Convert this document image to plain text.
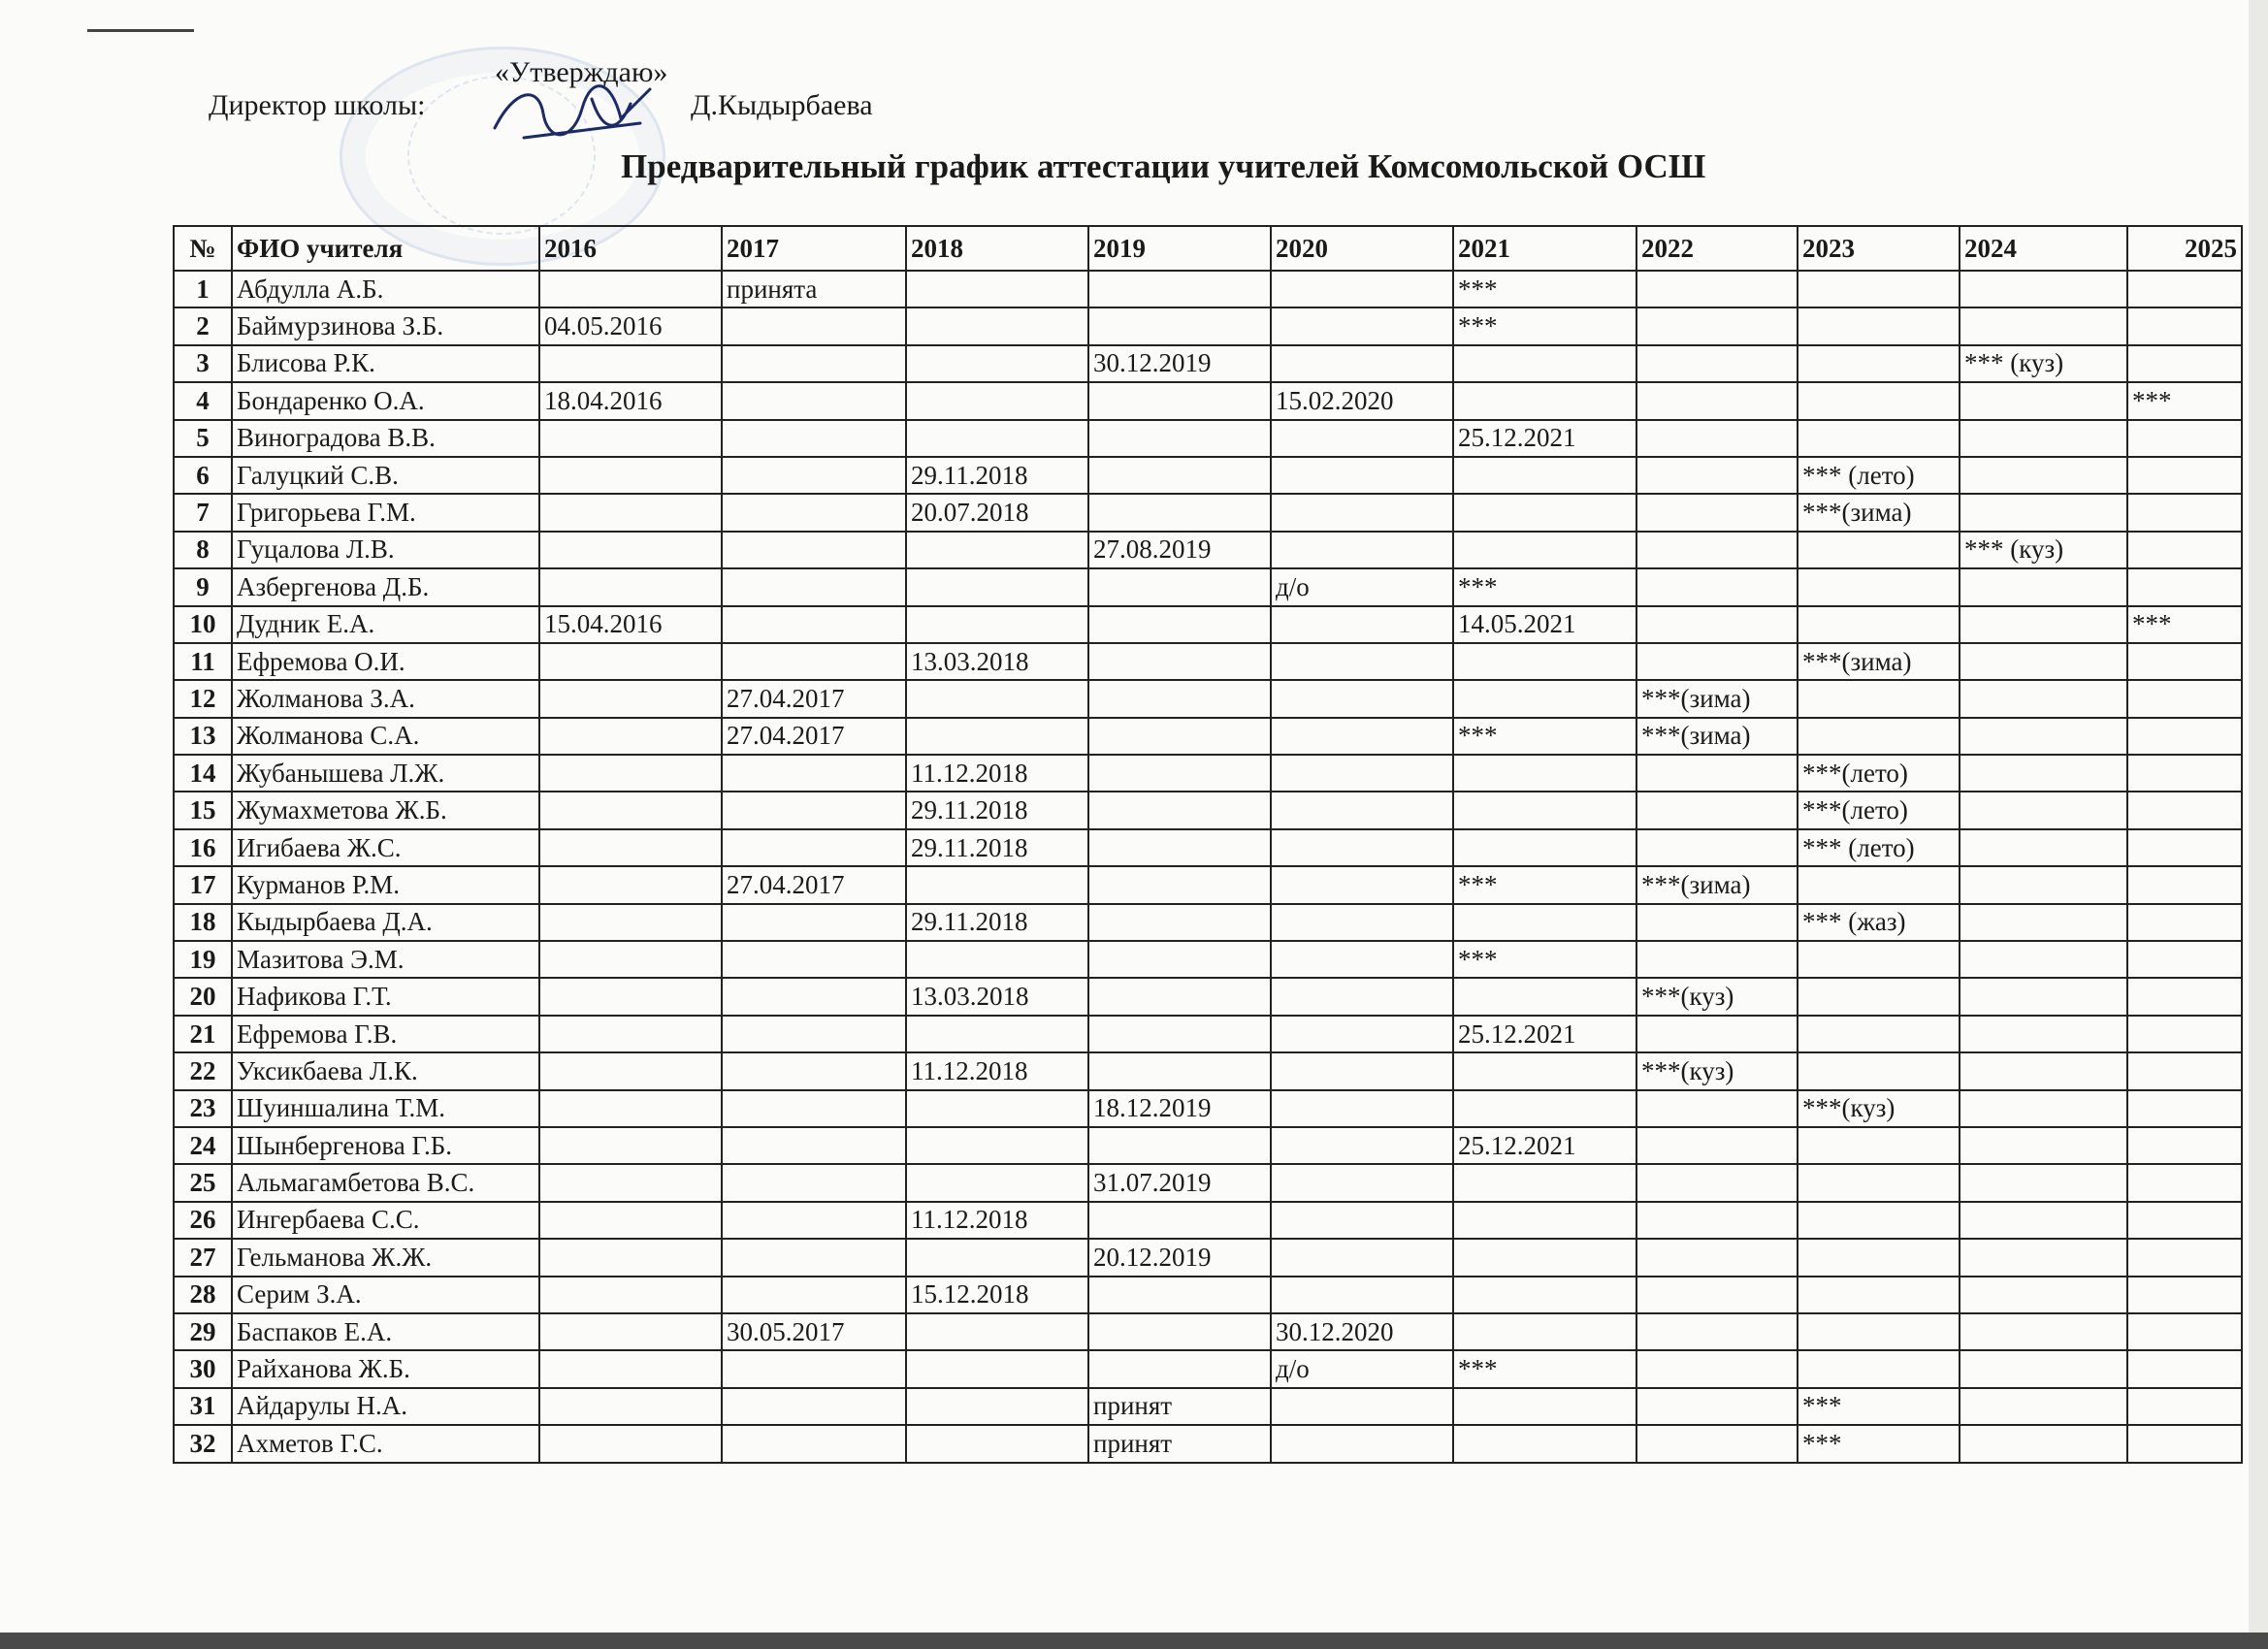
«Утверждаю»
Директор школы:	Д.Кыдырбаева
Предварительный график аттестации учителей Комсомольской ОСШ
№	ФИО учителя	2016	2017	2018	2019	2020	2021	2022	2023	2024	2025
1	Абдулла А.Б.		принята				***				
2	Баймурзинова З.Б.	04.05.2016					***				
3	Блисова Р.К.				30.12.2019					*** (куз)	
4	Бондаренко О.А.	18.04.2016				15.02.2020					***
5	Виноградова В.В.						25.12.2021				
6	Галуцкий С.В.			29.11.2018					*** (лето)		
7	Григорьева Г.М.			20.07.2018					***(зима)		
8	Гуцалова Л.В.				27.08.2019					*** (куз)	
9	Азбергенова Д.Б.					д/о	***				
10	Дудник Е.А.	15.04.2016					14.05.2021				***
11	Ефремова О.И.			13.03.2018					***(зима)		
12	Жолманова З.А.		27.04.2017					***(зима)			
13	Жолманова С.А.		27.04.2017				***	***(зима)			
14	Жубанышева Л.Ж.			11.12.2018					***(лето)		
15	Жумахметова Ж.Б.			29.11.2018					***(лето)		
16	Игибаева Ж.С.			29.11.2018					*** (лето)		
17	Курманов Р.М.		27.04.2017				***	***(зима)			
18	Кыдырбаева Д.А.			29.11.2018					*** (жаз)		
19	Мазитова Э.М.						***				
20	Нафикова Г.Т.			13.03.2018				***(куз)			
21	Ефремова Г.В.						25.12.2021				
22	Уксикбаева Л.К.			11.12.2018				***(куз)			
23	Шуиншалина Т.М.				18.12.2019				***(куз)		
24	Шынбергенова Г.Б.						25.12.2021				
25	Альмагамбетова В.С.				31.07.2019						
26	Ингербаева С.С.			11.12.2018							
27	Гельманова Ж.Ж.				20.12.2019						
28	Серим З.А.			15.12.2018							
29	Баспаков Е.А.		30.05.2017			30.12.2020					
30	Райханова Ж.Б.					д/о	***				
31	Айдарулы Н.А.				принят				***		
32	Ахметов Г.С.				принят				***		
